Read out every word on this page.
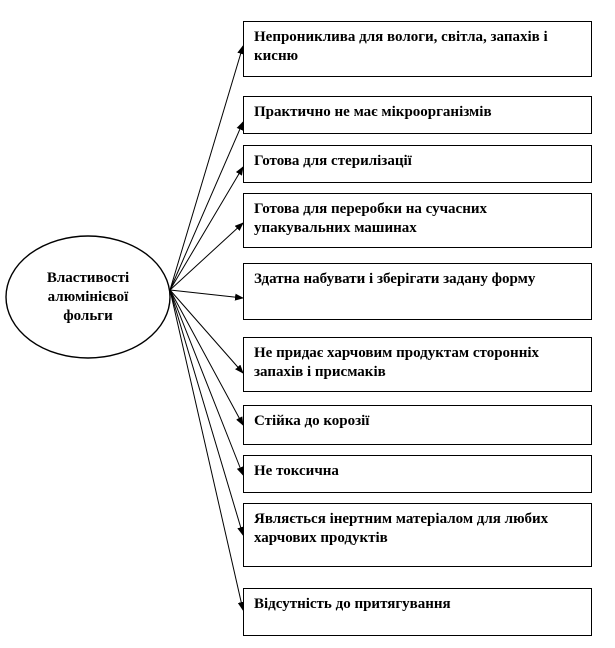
Властивості алюмінієвої фольги
Непрониклива для вологи, світла, запахів і кисню
Практично не має мікроорганізмів
Готова для стерилізації
Готова для переробки на сучасних упакувальних машинах
Здатна набувати і зберігати задану форму
Не придає харчовим продуктам сторонніх запахів і присмаків
Стійка до корозії
Не токсична
Являється інертним матеріалом для любих харчових продуктів
Відсутність до притягування
